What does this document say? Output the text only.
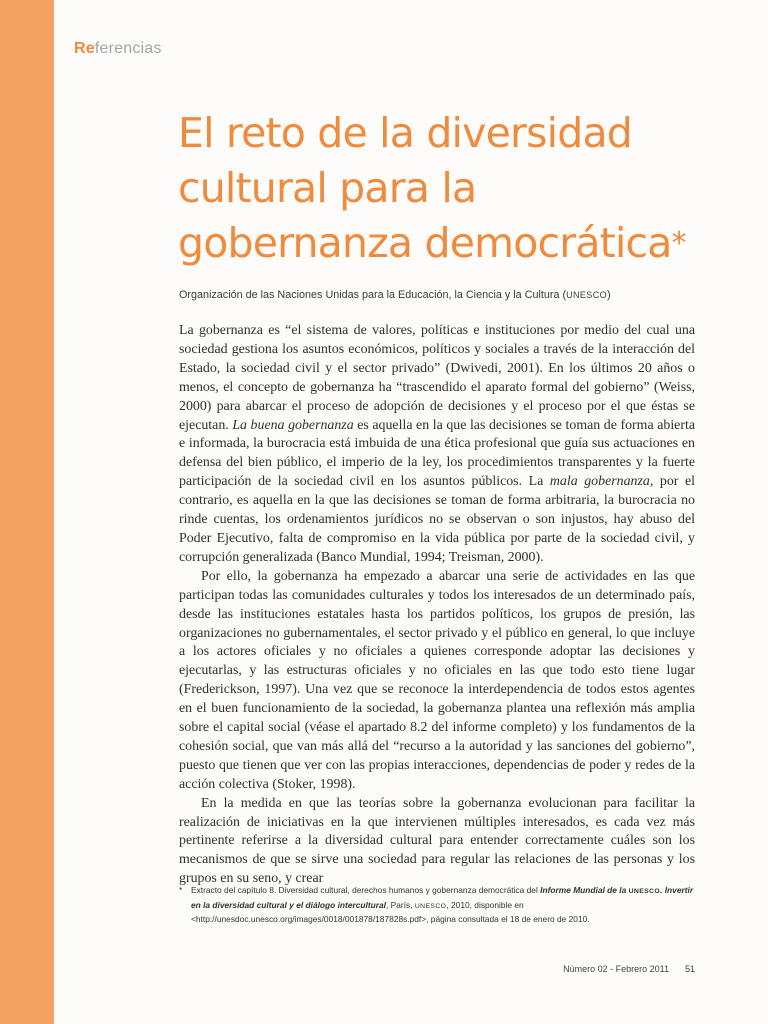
Referencias
El reto de la diversidad
cultural para la
gobernanza democrática*
Organización de las Naciones Unidas para la Educación, la Ciencia y la Cultura (UNESCO)

La gobernanza es “el sistema de valores, políticas e instituciones por medio del cual una sociedad gestiona los asuntos económicos, políticos y sociales a través de la interacción del Estado, la sociedad civil y el sector privado” (Dwivedi, 2001). En los últimos 20 años o menos, el concepto de gobernanza ha “trascendido el aparato formal del gobierno” (Weiss, 2000) para abarcar el proceso de adopción de decisiones y el proceso por el que éstas se ejecutan. La buena gobernanza es aquella en la que las decisiones se toman de forma abierta e informada, la burocracia está imbuida de una ética profesional que guía sus actuaciones en defensa del bien público, el imperio de la ley, los procedimientos transparentes y la fuerte participación de la sociedad civil en los asuntos públicos. La mala gobernanza, por el contrario, es aquella en la que las decisiones se toman de forma arbitraria, la burocracia no rinde cuentas, los ordenamientos jurídicos no se observan o son injustos, hay abuso del Poder Ejecutivo, falta de compromiso en la vida pública por parte de la sociedad civil, y corrupción generalizada (Banco Mundial, 1994; Treisman, 2000).

Por ello, la gobernanza ha empezado a abarcar una serie de actividades en las que participan todas las comunidades culturales y todos los interesados de un determinado país, desde las instituciones estatales hasta los partidos políticos, los grupos de presión, las organizaciones no gubernamentales, el sector privado y el público en general, lo que incluye a los actores oficiales y no oficiales a quienes corresponde adoptar las decisiones y ejecutarlas, y las estructuras oficiales y no oficiales en las que todo esto tiene lugar (Frederickson, 1997). Una vez que se reconoce la interdependencia de todos estos agentes en el buen funcionamiento de la sociedad, la gobernanza plantea una reflexión más amplia sobre el capital social (véase el apartado 8.2 del informe completo) y los fundamentos de la cohesión social, que van más allá del “recurso a la autoridad y las sanciones del gobierno”, puesto que tienen que ver con las propias interacciones, dependencias de poder y redes de la acción colectiva (Stoker, 1998).

En la medida en que las teorías sobre la gobernanza evolucionan para facilitar la realización de iniciativas en la que intervienen múltiples interesados, es cada vez más pertinente referirse a la diversidad cultural para entender correctamente cuáles son los mecanismos de que se sirve una sociedad para regular las relaciones de las personas y los grupos en su seno, y crear

* Extracto del capítulo 8. Diversidad cultural, derechos humanos y gobernanza democrática del Informe Mundial de la UNESCO. Invertir en la diversidad cultural y el diálogo intercultural, París, UNESCO, 2010, disponible en <http://unesdoc.unesco.org/images/0018/001878/187828s.pdf>, página consultada el 18 de enero de 2010.
Número 02 - Febrero 2011 51
